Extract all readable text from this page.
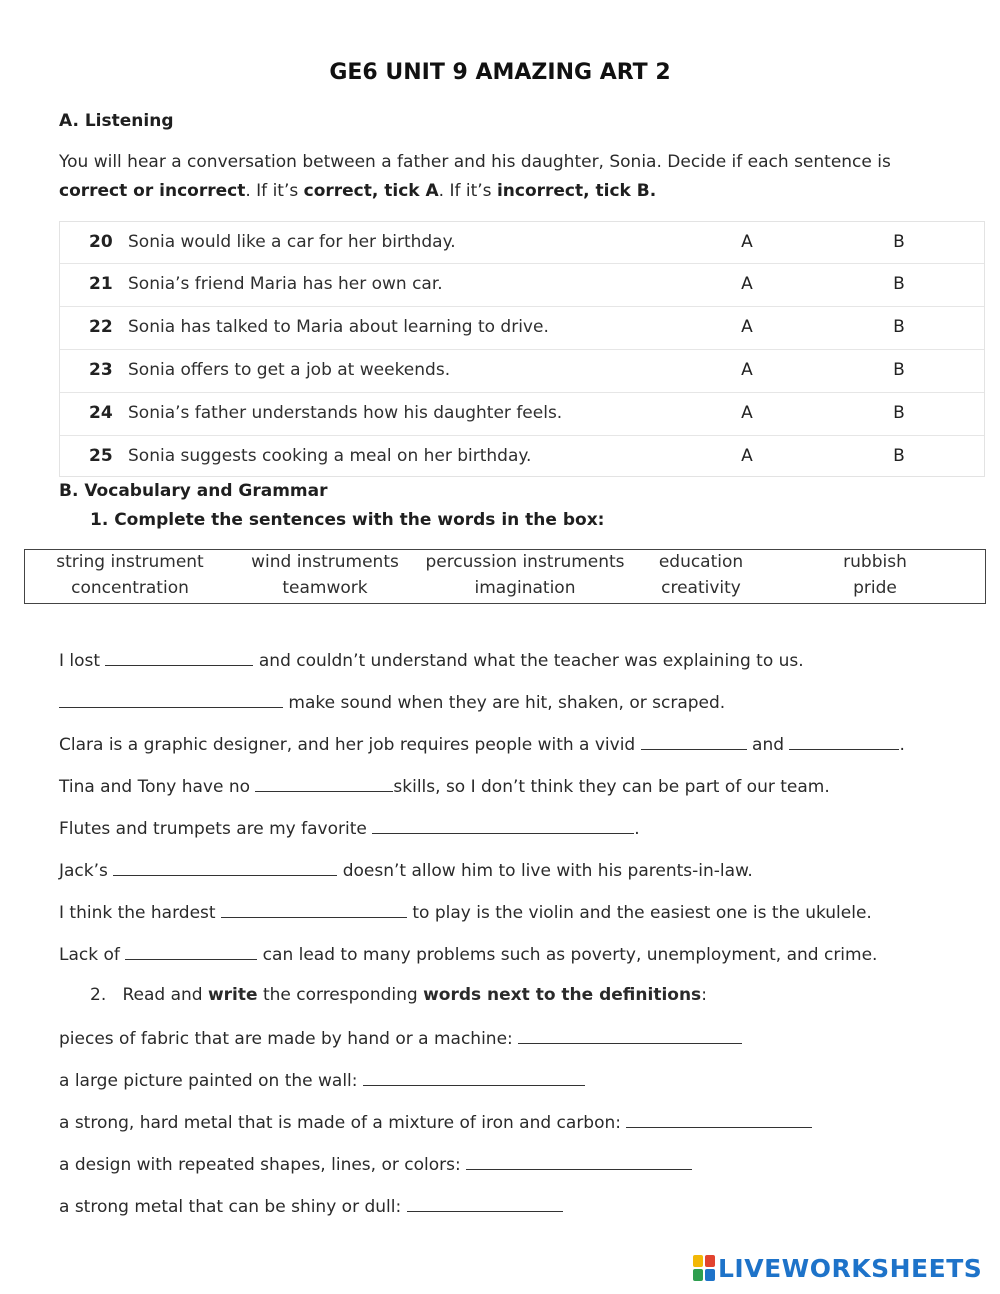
GE6 UNIT 9 AMAZING ART 2
A. Listening
You will hear a conversation between a father and his daughter, Sonia. Decide if each sentence is
correct or incorrect. If it’s correct, tick A. If it’s incorrect, tick B.
20 Sonia would like a car for her birthday.	A	B
21 Sonia’s friend Maria has her own car.	A	B
22 Sonia has talked to Maria about learning to drive.	A	B
23 Sonia offers to get a job at weekends.	A	B
24 Sonia’s father understands how his daughter feels.	A	B
25 Sonia suggests cooking a meal on her birthday.	A	B
B. Vocabulary and Grammar
1. Complete the sentences with the words in the box:
string instrument	wind instruments	percussion instruments	education	rubbish
concentration	teamwork	imagination	creativity	pride
I lost	and couldn’t understand what the teacher was explaining to us.
make sound when they are hit, shaken, or scraped.
Clara is a graphic designer, and her job requires people with a vivid	and	.
Tina and Tony have no	skills, so I don’t think they can be part of our team.
Flutes and trumpets are my favorite	.
Jack’s	doesn’t allow him to live with his parents-in-law.
I think the hardest	to play is the violin and the easiest one is the ukulele.
Lack of	can lead to many problems such as poverty, unemployment, and crime.
2. Read and write the corresponding words next to the definitions:
pieces of fabric that are made by hand or a machine:
a large picture painted on the wall:
a strong, hard metal that is made of a mixture of iron and carbon:
a design with repeated shapes, lines, or colors:
a strong metal that can be shiny or dull:
LIVEWORKSHEETS
